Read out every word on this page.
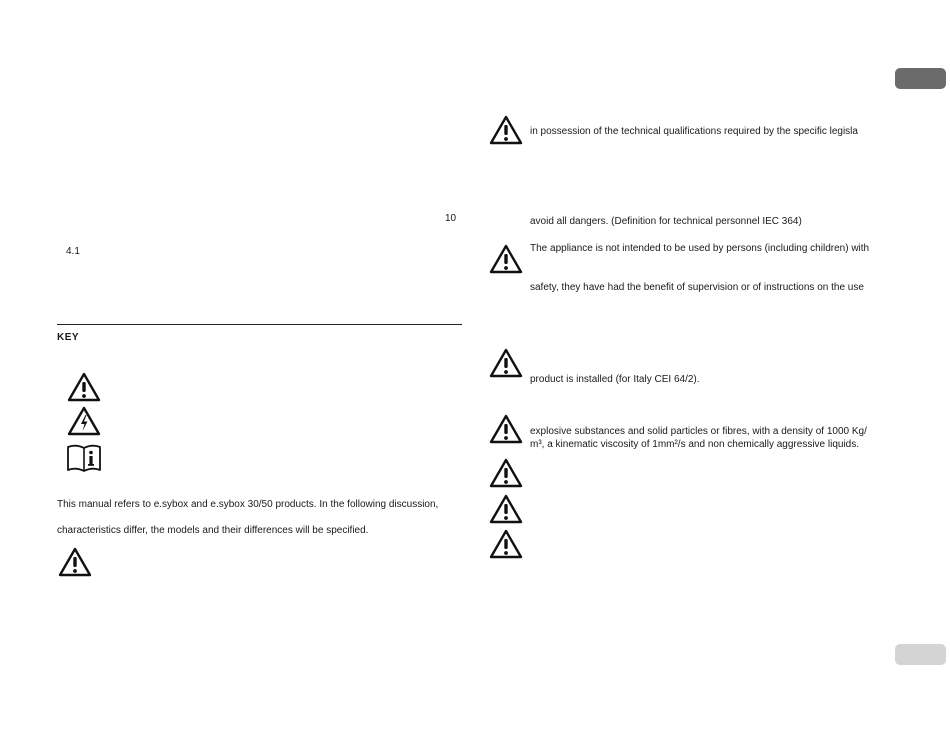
10
4.1
KEY
This manual refers to e.sybox and e.sybox 30/50 products. In the following discussion,
characteristics differ, the models and their differences will be specified.
in possession of the technical qualifications required by the specific legisla
avoid all dangers. (Definition for technical personnel IEC 364)
The appliance is not intended to be used by persons (including children) with
safety, they have had the benefit of supervision or of instructions on the use
product is installed (for Italy CEI 64/2).
explosive substances and solid particles or fibres, with a density of 1000 Kg/
m³, a kinematic viscosity of 1mm²/s and non chemically aggressive liquids.
